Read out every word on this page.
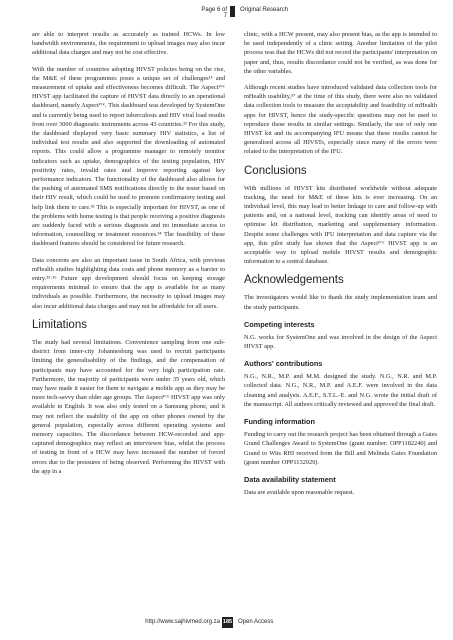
Page 6 of 7
Original Research

are able to interpret results as accurately as trained HCWs. In low bandwidth environments, the requirement to upload images may also incur additional data charges and may not be cost effective.

With the number of countries adopting HIVST policies being on the rise, the M&E of these programmes poses a unique set of challenges¹⁵ and measurement of uptake and effectiveness becomes difficult. The Aspectᴾᴼᶜ HIVST app facilitated the capture of HIVST data directly to an operational dashboard, namely Aspectᴾᴼᶜ. This dashboard was developed by SystemOne and is currently being used to report tuberculosis and HIV viral load results from over 3000 diagnostic instruments across 43 countries.³² For this study, the dashboard displayed very basic summary HIV statistics, a list of individual test results and also supported the downloading of automated reports. This could allow a programme manager to remotely monitor indicators such as uptake, demographics of the testing population, HIV positivity rates, invalid rates and improve reporting against key performance indicators. The functionality of the dashboard also allows for the pushing of automated SMS notifications directly to the tester based on their HIV result, which could be used to promote confirmatory testing and help link them to care.³³ This is especially important for HIVST, as one of the problems with home testing is that people receiving a positive diagnosis are suddenly faced with a serious diagnosis and no immediate access to information, counselling or treatment resources.³⁴ The feasibility of these dashboard features should be considered for future research.

Data concerns are also an important issue in South Africa, with previous mHealth studies highlighting data costs and phone memory as a barrier to entry.³⁵·³⁶ Future app development should focus on keeping storage requirements minimal to ensure that the app is available for as many individuals as possible. Furthermore, the necessity to upload images may also incur additional data charges and may not be affordable for all users.

Limitations

The study had several limitations. Convenience sampling from one sub-district from inner-city Johannesburg was used to recruit participants limiting the generalisability of the findings, and the compensation of participants may have accounted for the very high participation rate. Furthermore, the majority of participants were under 35 years old, which may have made it easier for them to navigate a mobile app as they may be more tech-savvy than older age groups. The Aspectᴾᴼᶜ HIVST app was only available in English. It was also only tested on a Samsung phone, and it may not reflect the usability of the app on other phones owned by the general population, especially across different operating systems and memory capacities. The discordance between HCW-recorded and app-captured demographics may reflect an interviewer bias, whilst the process of testing in front of a HCW may have increased the number of forced errors due to the pressures of being observed. Performing the HIVST with the app in a

clinic, with a HCW present, may also present bias, as the app is intended to be used independently of a clinic setting. Another limitation of the pilot process was that the HCWs did not record the participants' interpretation on paper and, thus, results discordance could not be verified, as was done for the other variables.

Although recent studies have introduced validated data collection tools for mHealth usability,³⁷ at the time of this study, there were also no validated data collection tools to measure the acceptability and feasibility of mHealth apps for HIVST, hence the study-specific questions may not be used to reproduce these results in similar settings. Similarly, the use of only one HIVST kit and its accompanying IFU means that these results cannot be generalised across all HIVSTs, especially since many of the errors were related to the interpretation of the IFU.

Conclusions

With millions of HIVST kits distributed worldwide without adequate tracking, the need for M&E of these kits is ever increasing. On an individual level, this may lead to better linkage to care and follow-up with patients and, on a national level, tracking can identify areas of need to optimise kit distribution, marketing and supplementary information. Despite some challenges with IFU interpretation and data capture via the app, this pilot study has shown that the Aspectᴾᴼᶜ HIVST app is an acceptable way to upload mobile HIVST results and demographic information to a central database.

Acknowledgements

The investigators would like to thank the study implementation team and the study participants.

Competing interests

N.G. works for SystemOne and was involved in the design of the Aspect HIVST app.

Authors' contributions

N.G., N.R., M.P. and M.M. designed the study. N.G., N.R. and M.P. collected data. N.G., N.R., M.P. and A.E.F. were involved in the data cleaning and analysis. A.E.F., S.T.L.-E. and N.G. wrote the initial draft of the manuscript. All authors critically reviewed and approved the final draft.

Funding information

Funding to carry out the research project has been obtained through a Gates Grand Challenges Award to SystemOne (grant number: OPP1182240) and Grand to Wits RHI received from the Bill and Melinda Gates Foundation (grant number OPP1132929).

Data availability statement

Data are available upon reasonable request.

http://www.sajhivmed.org.za 185 Open Access
